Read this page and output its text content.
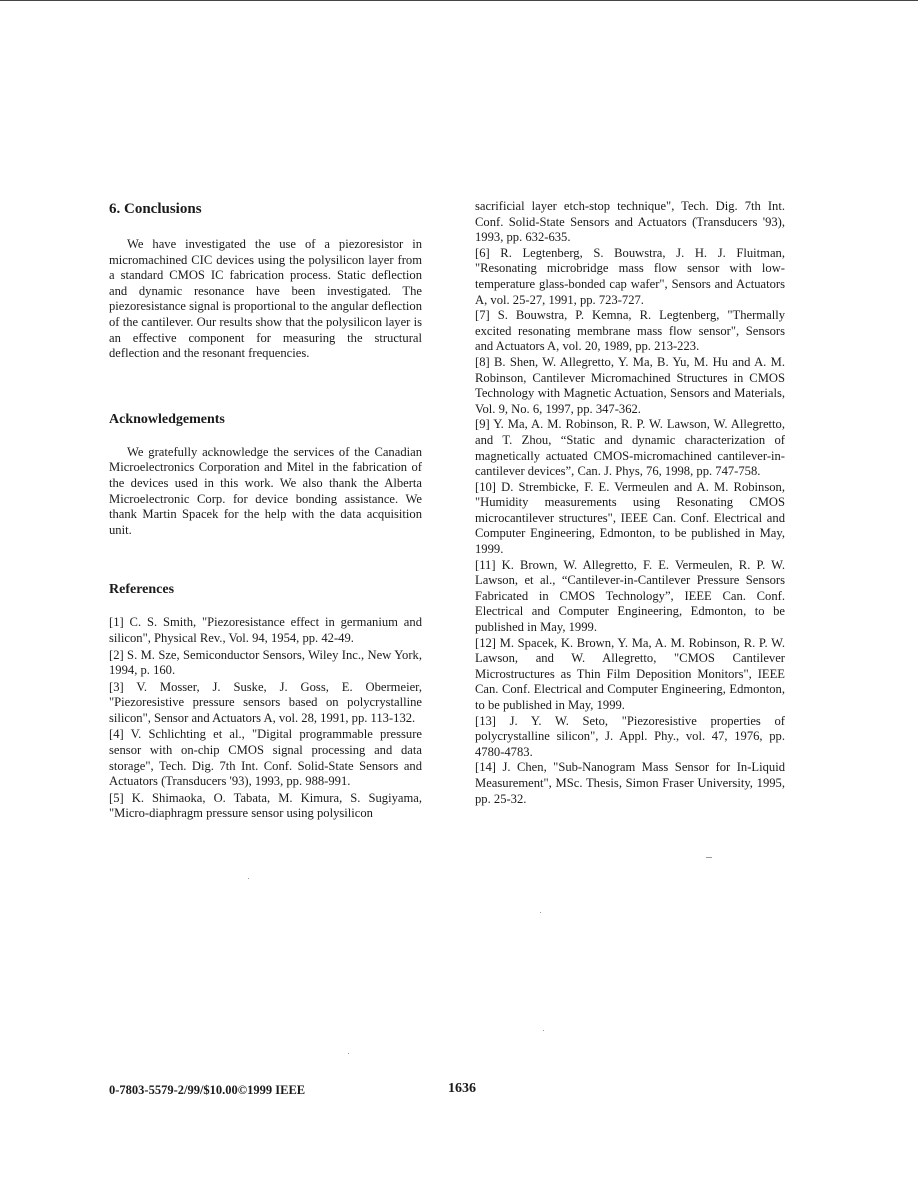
6. Conclusions

We have investigated the use of a piezoresistor in micromachined CIC devices using the polysilicon layer from a standard CMOS IC fabrication process. Static deflection and dynamic resonance have been investigated. The piezoresistance signal is proportional to the angular deflection of the cantilever. Our results show that the polysilicon layer is an effective component for measuring the structural deflection and the resonant frequencies.

Acknowledgements

We gratefully acknowledge the services of the Canadian Microelectronics Corporation and Mitel in the fabrication of the devices used in this work. We also thank the Alberta Microelectronic Corp. for device bonding assistance. We thank Martin Spacek for the help with the data acquisition unit.

References
[1] C. S. Smith, "Piezoresistance effect in germanium and silicon", Physical Rev., Vol. 94, 1954, pp. 42-49.
[2] S. M. Sze, Semiconductor Sensors, Wiley Inc., New York, 1994, p. 160.
[3] V. Mosser, J. Suske, J. Goss, E. Obermeier, "Piezoresistive pressure sensors based on polycrystalline silicon", Sensor and Actuators A, vol. 28, 1991, pp. 113-132.
[4] V. Schlichting et al., "Digital programmable pressure sensor with on-chip CMOS signal processing and data storage", Tech. Dig. 7th Int. Conf. Solid-State Sensors and Actuators (Transducers '93), 1993, pp. 988-991.
[5] K. Shimaoka, O. Tabata, M. Kimura, S. Sugiyama, "Micro-diaphragm pressure sensor using polysilicon
sacrificial layer etch-stop technique", Tech. Dig. 7th Int. Conf. Solid-State Sensors and Actuators (Transducers '93), 1993, pp. 632-635.
[6] R. Legtenberg, S. Bouwstra, J. H. J. Fluitman, "Resonating microbridge mass flow sensor with low-temperature glass-bonded cap wafer", Sensors and Actuators A, vol. 25-27, 1991, pp. 723-727.
[7] S. Bouwstra, P. Kemna, R. Legtenberg, "Thermally excited resonating membrane mass flow sensor", Sensors and Actuators A, vol. 20, 1989, pp. 213-223.
[8] B. Shen, W. Allegretto, Y. Ma, B. Yu, M. Hu and A. M. Robinson, Cantilever Micromachined Structures in CMOS Technology with Magnetic Actuation, Sensors and Materials, Vol. 9, No. 6, 1997, pp. 347-362.
[9] Y. Ma, A. M. Robinson, R. P. W. Lawson, W. Allegretto, and T. Zhou, “Static and dynamic characterization of magnetically actuated CMOS-micromachined cantilever-in-cantilever devices”, Can. J. Phys, 76, 1998, pp. 747-758.
[10] D. Strembicke, F. E. Vermeulen and A. M. Robinson, "Humidity measurements using Resonating CMOS microcantilever structures", IEEE Can. Conf. Electrical and Computer Engineering, Edmonton, to be published in May, 1999.
[11] K. Brown, W. Allegretto, F. E. Vermeulen, R. P. W. Lawson, et al., “Cantilever-in-Cantilever Pressure Sensors Fabricated in CMOS Technology”, IEEE Can. Conf. Electrical and Computer Engineering, Edmonton, to be published in May, 1999.
[12] M. Spacek, K. Brown, Y. Ma, A. M. Robinson, R. P. W. Lawson, and W. Allegretto, "CMOS Cantilever Microstructures as Thin Film Deposition Monitors", IEEE Can. Conf. Electrical and Computer Engineering, Edmonton, to be published in May, 1999.
[13] J. Y. W. Seto, "Piezoresistive properties of polycrystalline silicon", J. Appl. Phy., vol. 47, 1976, pp. 4780-4783.
[14] J. Chen, "Sub-Nanogram Mass Sensor for In-Liquid Measurement", MSc. Thesis, Simon Fraser University, 1995, pp. 25-32.
0-7803-5579-2/99/$10.00©1999 IEEE	1636
